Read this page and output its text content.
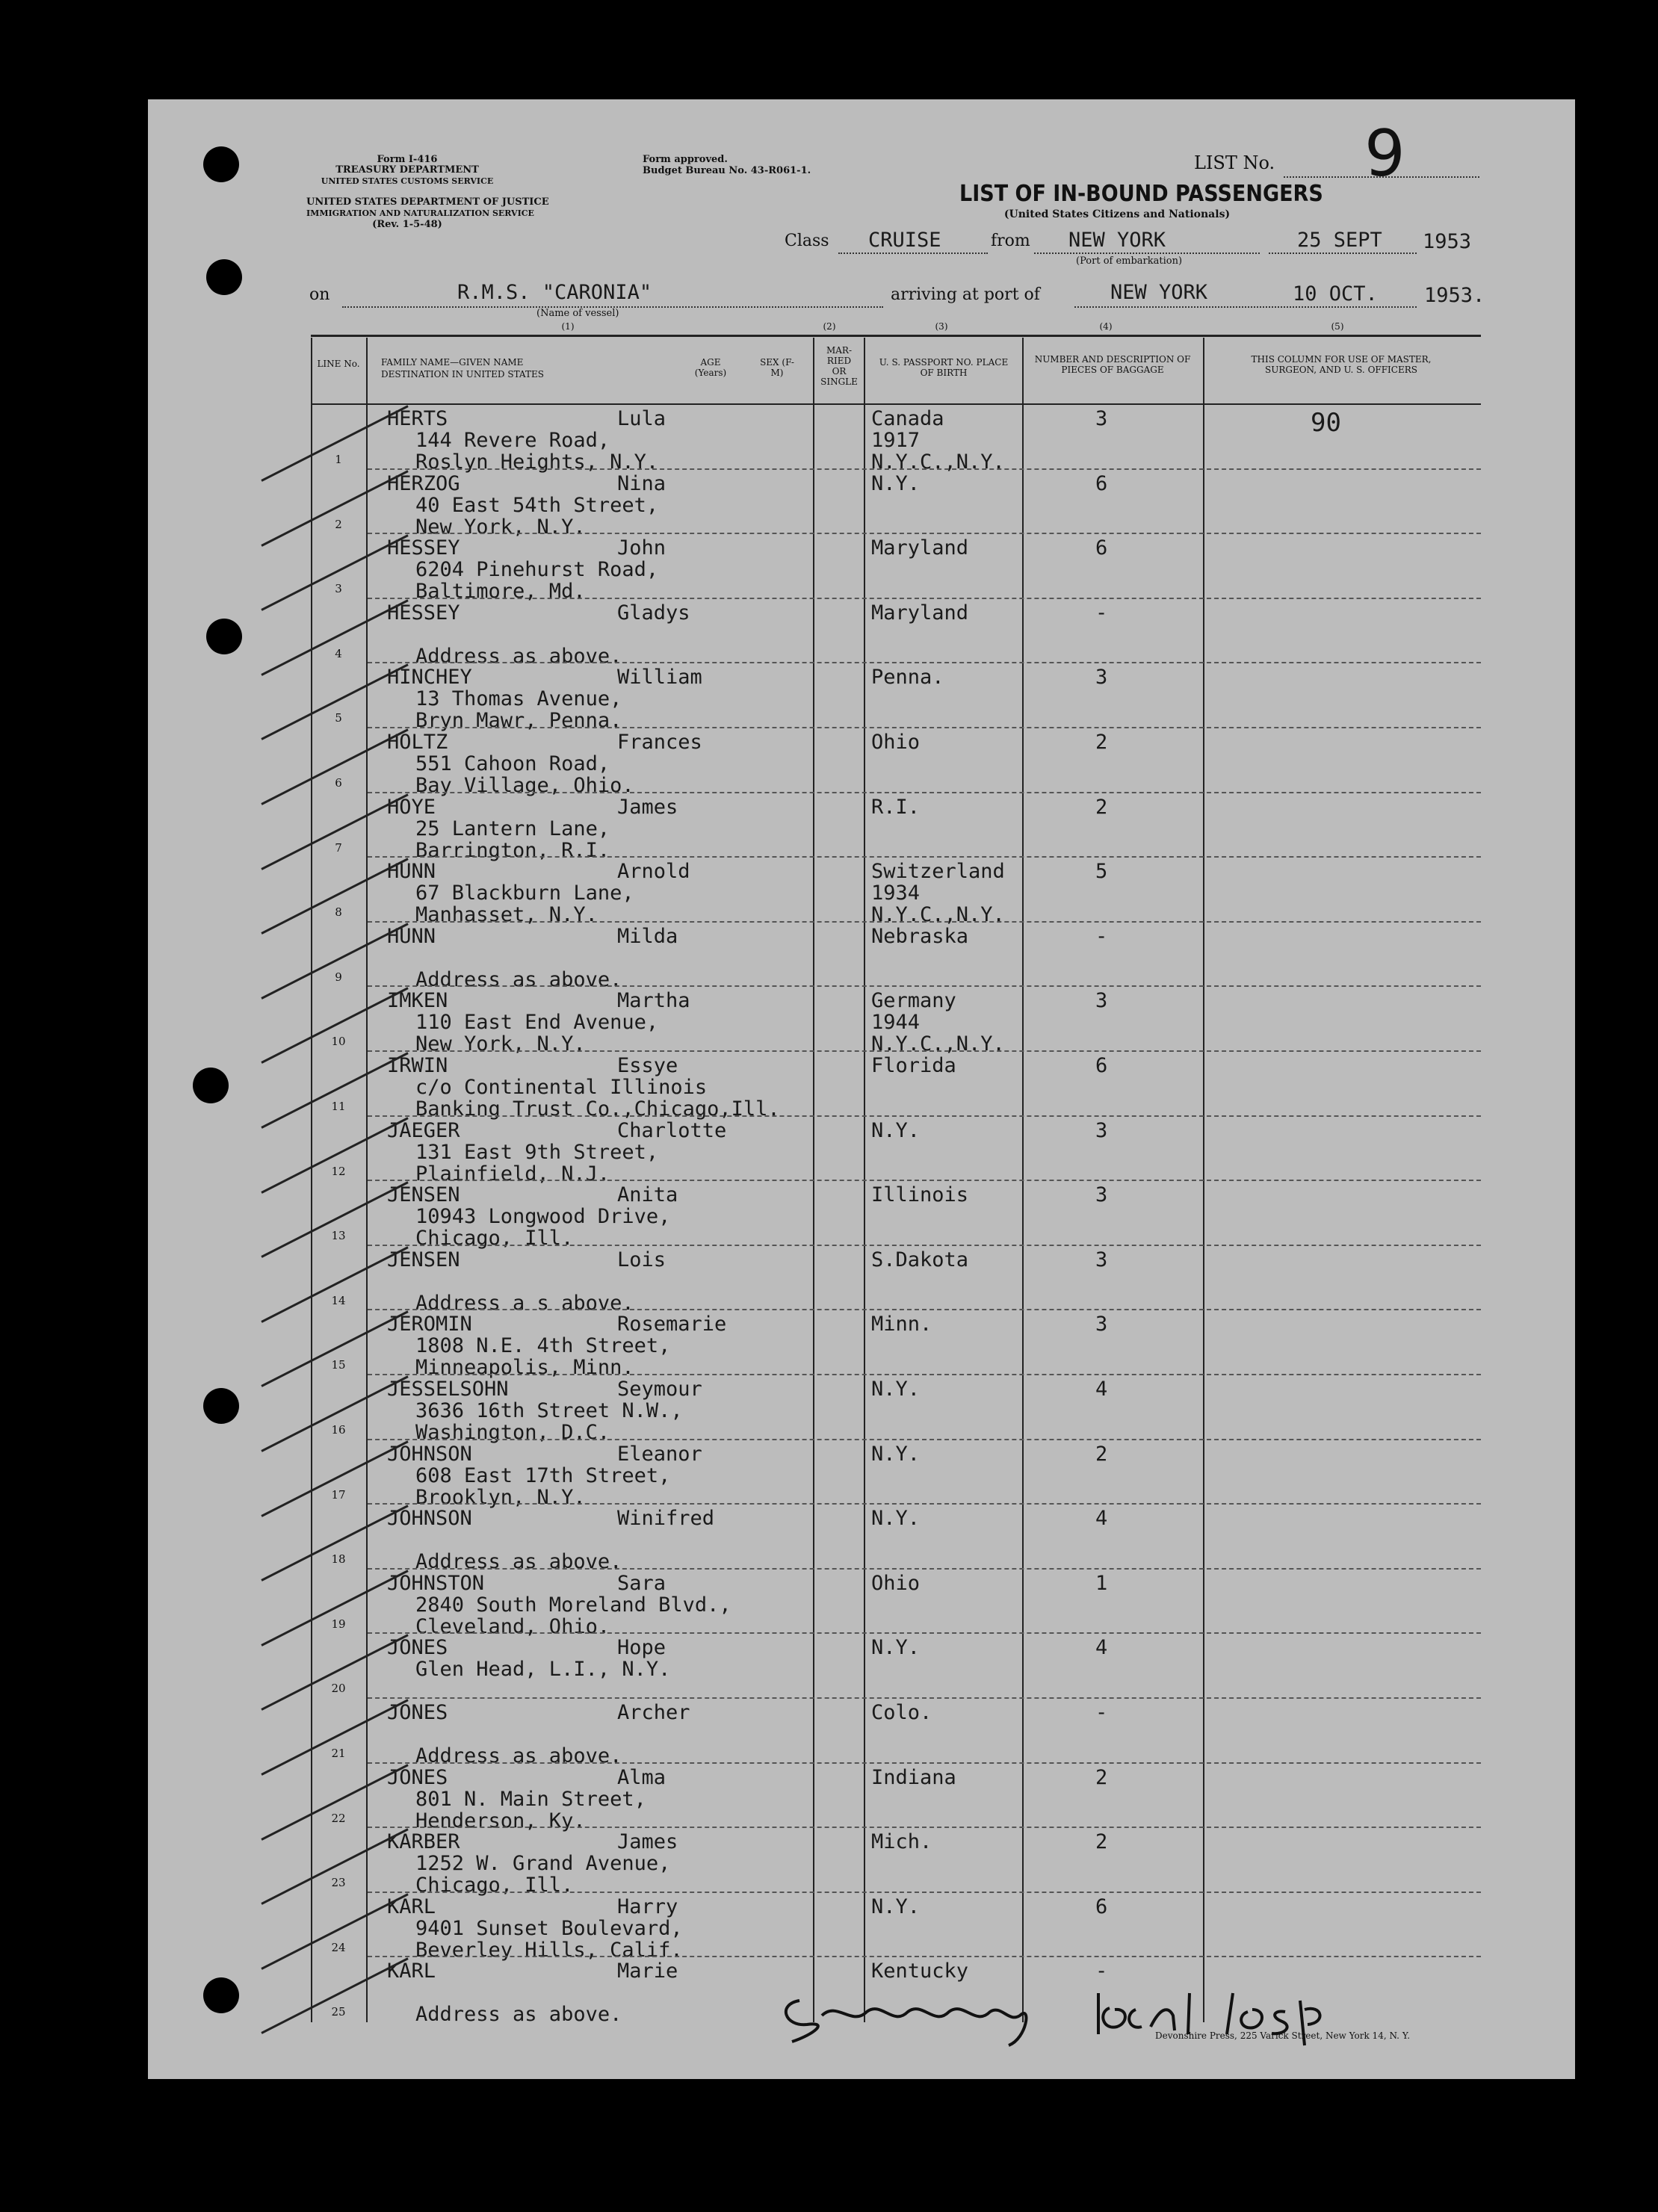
Form I-416
TREASURY DEPARTMENT
UNITED STATES CUSTOMS SERVICE
UNITED STATES DEPARTMENT OF JUSTICE
IMMIGRATION AND NATURALIZATION SERVICE
(Rev. 1-5-48)
Form approved.
Budget Bureau No. 43-R061-1.	LIST No. 9
LIST OF IN-BOUND PASSENGERS
(United States Citizens and Nationals)
Class CRUISE	from NEW YORK
(Port of embarkation)
25 SEPT 1953
on	R.M.S. "CARONIA"
(Name of vessel)
arriving at port of	NEW YORK	10 OCT. 1953.
(1)	(2)	(3)	(4)	(5)
LINE No.	FAMILY NAME—GIVEN NAME
DESTINATION IN UNITED STATES
AGE (Years)
SEX (F-M)
MAR-RIED OR SINGLE
U. S. PASSPORT NO. PLACE OF BIRTH
NUMBER AND DESCRIPTION OF PIECES OF BAGGAGE
THIS COLUMN FOR USE OF MASTER, SURGEON, AND U. S. OFFICERS
1
HERTS	Lula
144 Revere Road,
Roslyn Heights, N.Y.
Canada
1917
N.Y.C.,N.Y.
3	90
2
HERZOG	Nina
40 East 54th Street,
New York, N.Y.
N.Y.	6
3
HESSEY	John
6204 Pinehurst Road,
Baltimore, Md.
Maryland	6
4
HESSEY	Gladys
Address as above.
Maryland	-
5
HINCHEY	William
13 Thomas Avenue,
Bryn Mawr, Penna.
Penna.	3
6
HOLTZ	Frances
551 Cahoon Road,
Bay Village, Ohio.
Ohio	2
7
HOYE	James
25 Lantern Lane,
Barrington, R.I.
R.I.	2
8
HUNN	Arnold
67 Blackburn Lane,
Manhasset, N.Y.
Switzerland
1934
N.Y.C.,N.Y.
5
9
HUNN	Milda
Address as above.
Nebraska	-
10
IMKEN	Martha
110 East End Avenue,
New York, N.Y.
Germany
1944
N.Y.C.,N.Y.
3
11
IRWIN	Essye
c/o Continental Illinois
Banking Trust Co.,Chicago,Ill.
Florida	6
12
JAEGER	Charlotte
131 East 9th Street,
Plainfield, N.J.
N.Y.	3
13
JENSEN	Anita
10943 Longwood Drive,
Chicago, Ill.
Illinois	3
14
JENSEN	Lois
Address a s above.
S.Dakota	3
15
JEROMIN	Rosemarie
1808 N.E. 4th Street,
Minneapolis, Minn.
Minn.	3
16
JESSELSOHN	Seymour
3636 16th Street N.W.,
Washington, D.C.
N.Y.	4
17
JOHNSON	Eleanor
608 East 17th Street,
Brooklyn, N.Y.
N.Y.	2
18
JOHNSON	Winifred
Address as above.
N.Y.	4
19
JOHNSTON	Sara
2840 South Moreland Blvd.,
Cleveland, Ohio.
Ohio	1
20
JONES	Hope
Glen Head, L.I., N.Y.
N.Y.	4
21
JONES	Archer
Address as above.
Colo.	-
22
JONES	Alma
801 N. Main Street,
Henderson, Ky.
Indiana	2
23
KARBER	James
1252 W. Grand Avenue,
Chicago, Ill.
Mich.	2
24
KARL	Harry
9401 Sunset Boulevard,
Beverley Hills, Calif.
N.Y.	6
25
KARL	Marie
Address as above.
Kentucky	-
Devonshire Press, 225 Varick Street, New York 14, N. Y.
